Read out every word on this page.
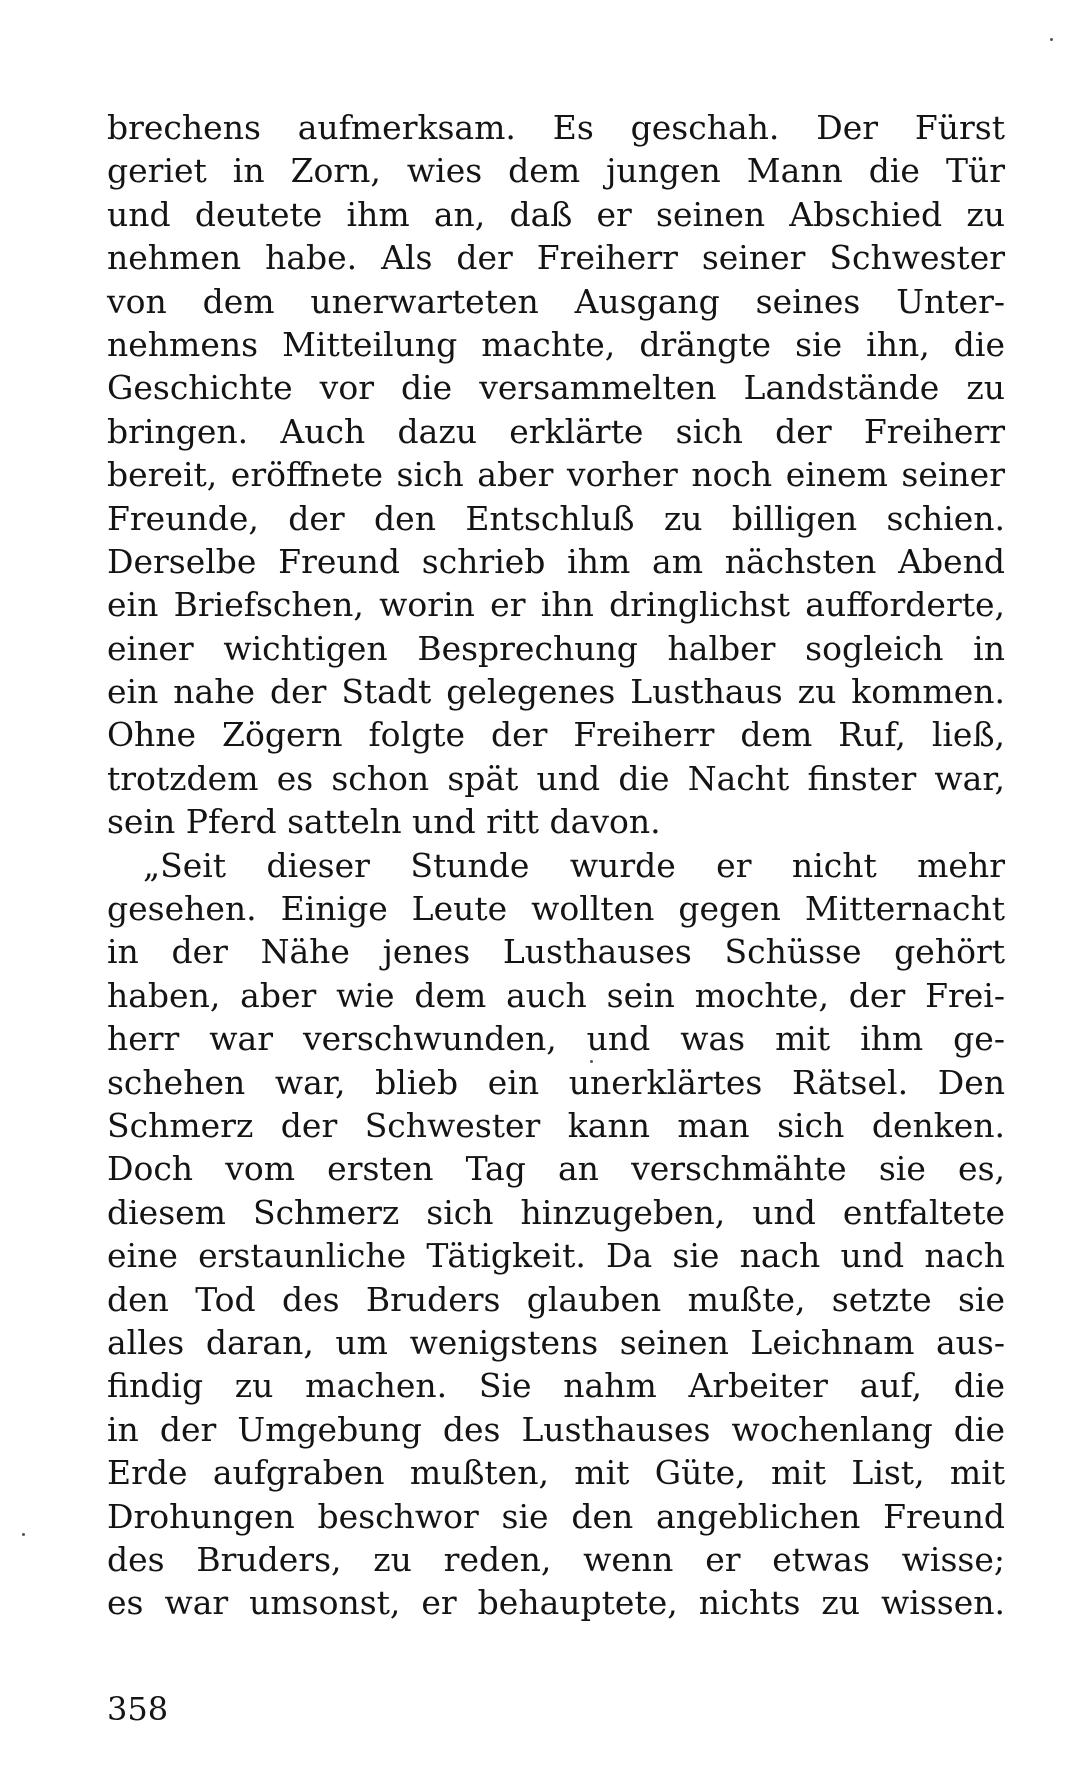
brechens aufmerksam. Es geschah. Der Fürst
geriet in Zorn, wies dem jungen Mann die Tür
und deutete ihm an, daß er seinen Abschied zu
nehmen habe. Als der Freiherr seiner Schwester
von dem unerwarteten Ausgang seines Unter-
nehmens Mitteilung machte, drängte sie ihn, die
Geschichte vor die versammelten Landstände zu
bringen. Auch dazu erklärte sich der Freiherr
bereit, eröffnete sich aber vorher noch einem seiner
Freunde, der den Entschluß zu billigen schien.
Derselbe Freund schrieb ihm am nächsten Abend
ein Briefschen, worin er ihn dringlichst aufforderte,
einer wichtigen Besprechung halber sogleich in
ein nahe der Stadt gelegenes Lusthaus zu kommen.
Ohne Zögern folgte der Freiherr dem Ruf, ließ,
trotzdem es schon spät und die Nacht finster war,
sein Pferd satteln und ritt davon.
„Seit dieser Stunde wurde er nicht mehr
gesehen. Einige Leute wollten gegen Mitternacht
in der Nähe jenes Lusthauses Schüsse gehört
haben, aber wie dem auch sein mochte, der Frei-
herr war verschwunden, und was mit ihm ge-
schehen war, blieb ein unerklärtes Rätsel. Den
Schmerz der Schwester kann man sich denken.
Doch vom ersten Tag an verschmähte sie es,
diesem Schmerz sich hinzugeben, und entfaltete
eine erstaunliche Tätigkeit. Da sie nach und nach
den Tod des Bruders glauben mußte, setzte sie
alles daran, um wenigstens seinen Leichnam aus-
findig zu machen. Sie nahm Arbeiter auf, die
in der Umgebung des Lusthauses wochenlang die
Erde aufgraben mußten, mit Güte, mit List, mit
Drohungen beschwor sie den angeblichen Freund
des Bruders, zu reden, wenn er etwas wisse;
es war umsonst, er behauptete, nichts zu wissen.
358
